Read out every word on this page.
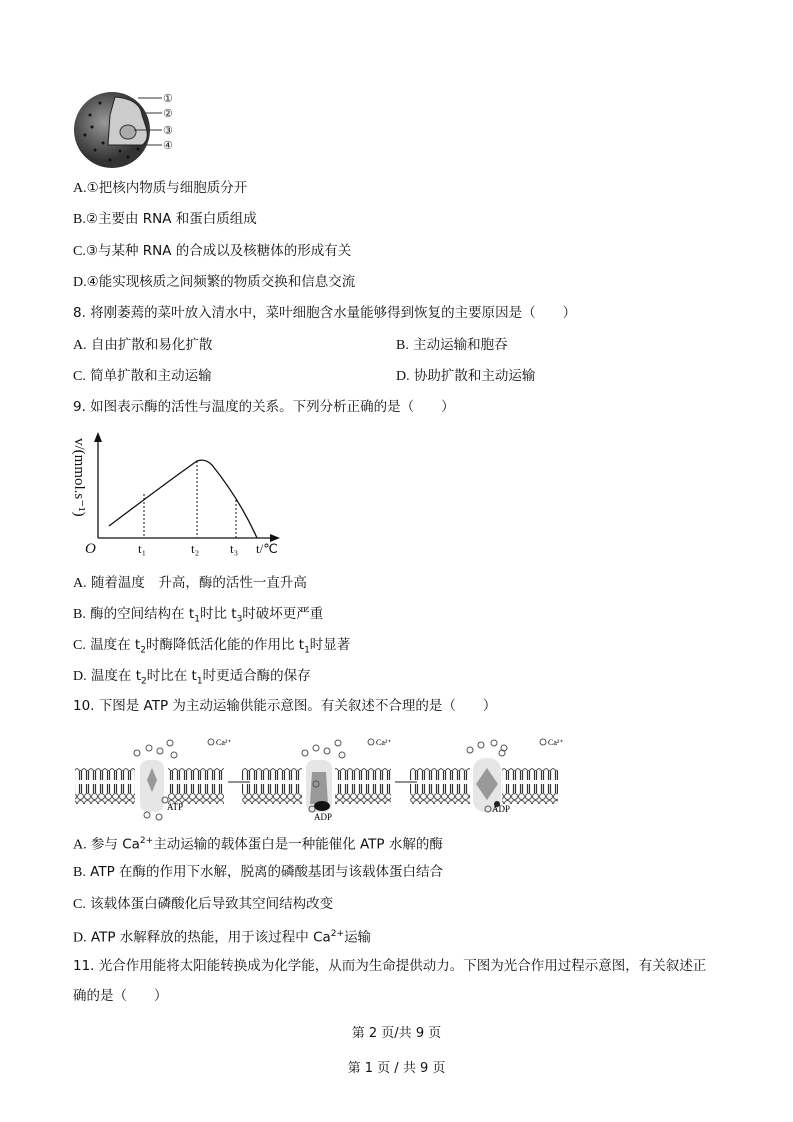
①
②
③
④
A.①把核内物质与细胞质分开
B.②主要由 RNA 和蛋白质组成
C.③与某种 RNA 的合成以及核糖体的形成有关
D.④能实现核质之间频繁的物质交换和信息交流
8. 将刚萎蔫的菜叶放入清水中，菜叶细胞含水量能够得到恢复的主要原因是（　　）
A. 自由扩散和易化扩散	B. 主动运输和胞吞
C. 简单扩散和主动运输	D. 协助扩散和主动运输
9. 如图表示酶的活性与温度的关系。下列分析正确的是（　　）
v/(mmol.s⁻¹)
O	t₁	t₂ t₃ t/℃
A. 随着温度　升高，酶的活性一直升高
B. 酶的空间结构在 $t_1$时比 $t_3$时破坏更严重
C. 温度在 $t_2$时酶降低活化能的作用比 $t_1$时显著
D. 温度在 $t_2$时比在 $t_1$时更适合酶的保存
10. 下图是 ATP 为主动运输供能示意图。有关叙述不合理的是（　　）
ATP
Ca²⁺
ADP
Ca²⁺
ADP
Ca²⁺
A. 参与 $Ca^{2+}$主动运输的载体蛋白是一种能催化 ATP 水解的酶
B. ATP 在酶的作用下水解，脱离的磷酸基团与该载体蛋白结合
C. 该载体蛋白磷酸化后导致其空间结构改变
D. ATP 水解释放的热能，用于该过程中 $Ca^{2+}$运输
11. 光合作用能将太阳能转换成为化学能，从而为生命提供动力。下图为光合作用过程示意图，有关叙述正
确的是（　　）
第 2 页/共 9 页
第 1 页 / 共 9 页
